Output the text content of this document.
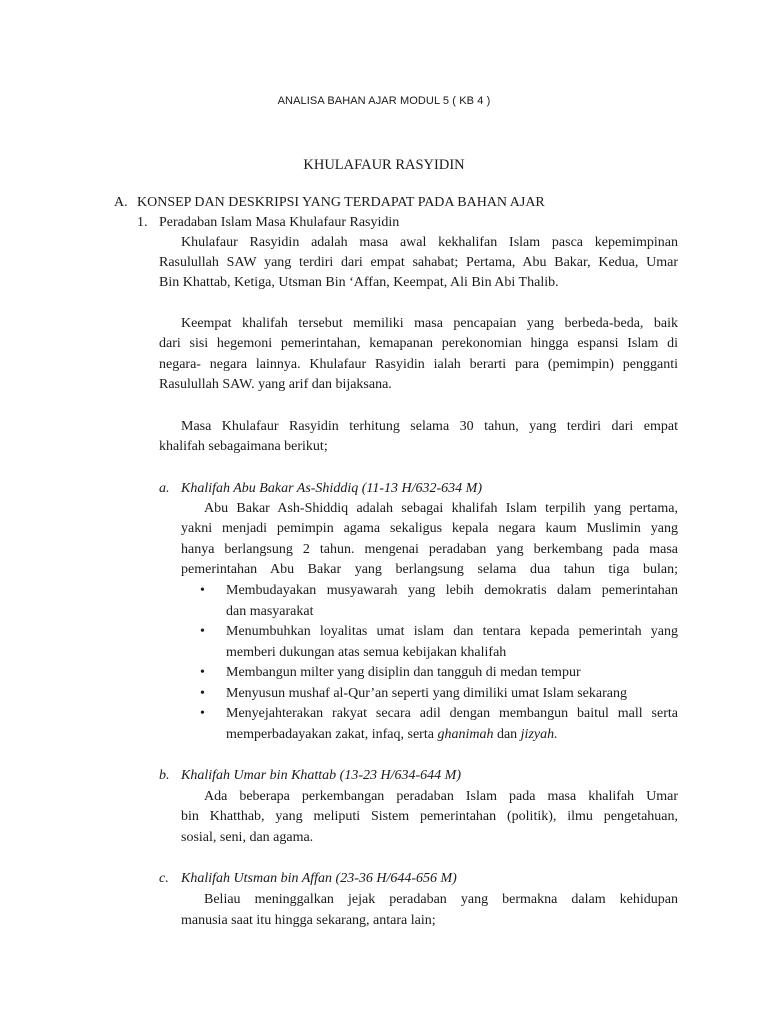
ANALISA BAHAN AJAR MODUL 5 ( KB 4 )
KHULAFAUR RASYIDIN
A. KONSEP DAN DESKRIPSI YANG TERDAPAT PADA BAHAN AJAR
1. Peradaban Islam Masa Khulafaur Rasyidin
Khulafaur Rasyidin adalah masa awal kekhalifan Islam pasca kepemimpinan
Rasulullah SAW yang terdiri dari empat sahabat; Pertama, Abu Bakar, Kedua, Umar
Bin Khattab, Ketiga, Utsman Bin ‘Affan, Keempat, Ali Bin Abi Thalib.
Keempat khalifah tersebut memiliki masa pencapaian yang berbeda-beda, baik
dari sisi hegemoni pemerintahan, kemapanan perekonomian hingga espansi Islam di
negara- negara lainnya. Khulafaur Rasyidin ialah berarti para (pemimpin) pengganti
Rasulullah SAW. yang arif dan bijaksana.
Masa Khulafaur Rasyidin terhitung selama 30 tahun, yang terdiri dari empat
khalifah sebagaimana berikut;
a. Khalifah Abu Bakar As-Shiddiq (11-13 H/632-634 M)
Abu Bakar Ash-Shiddiq adalah sebagai khalifah Islam terpilih yang pertama,
yakni menjadi pemimpin agama sekaligus kepala negara kaum Muslimin yang
hanya berlangsung 2 tahun. mengenai peradaban yang berkembang pada masa
pemerintahan Abu Bakar yang berlangsung selama dua tahun tiga bulan;
• Membudayakan musyawarah yang lebih demokratis dalam pemerintahan
dan masyarakat
• Menumbuhkan loyalitas umat islam dan tentara kepada pemerintah yang
memberi dukungan atas semua kebijakan khalifah
• Membangun milter yang disiplin dan tangguh di medan tempur
• Menyusun mushaf al-Qur’an seperti yang dimiliki umat Islam sekarang
• Menyejahterakan rakyat secara adil dengan membangun baitul mall serta
memperbadayakan zakat, infaq, serta ghanimah dan jizyah.
b. Khalifah Umar bin Khattab (13-23 H/634-644 M)
Ada beberapa perkembangan peradaban Islam pada masa khalifah Umar
bin Khatthab, yang meliputi Sistem pemerintahan (politik), ilmu pengetahuan,
sosial, seni, dan agama.
c. Khalifah Utsman bin Affan (23-36 H/644-656 M)
Beliau meninggalkan jejak peradaban yang bermakna dalam kehidupan
manusia saat itu hingga sekarang, antara lain;
